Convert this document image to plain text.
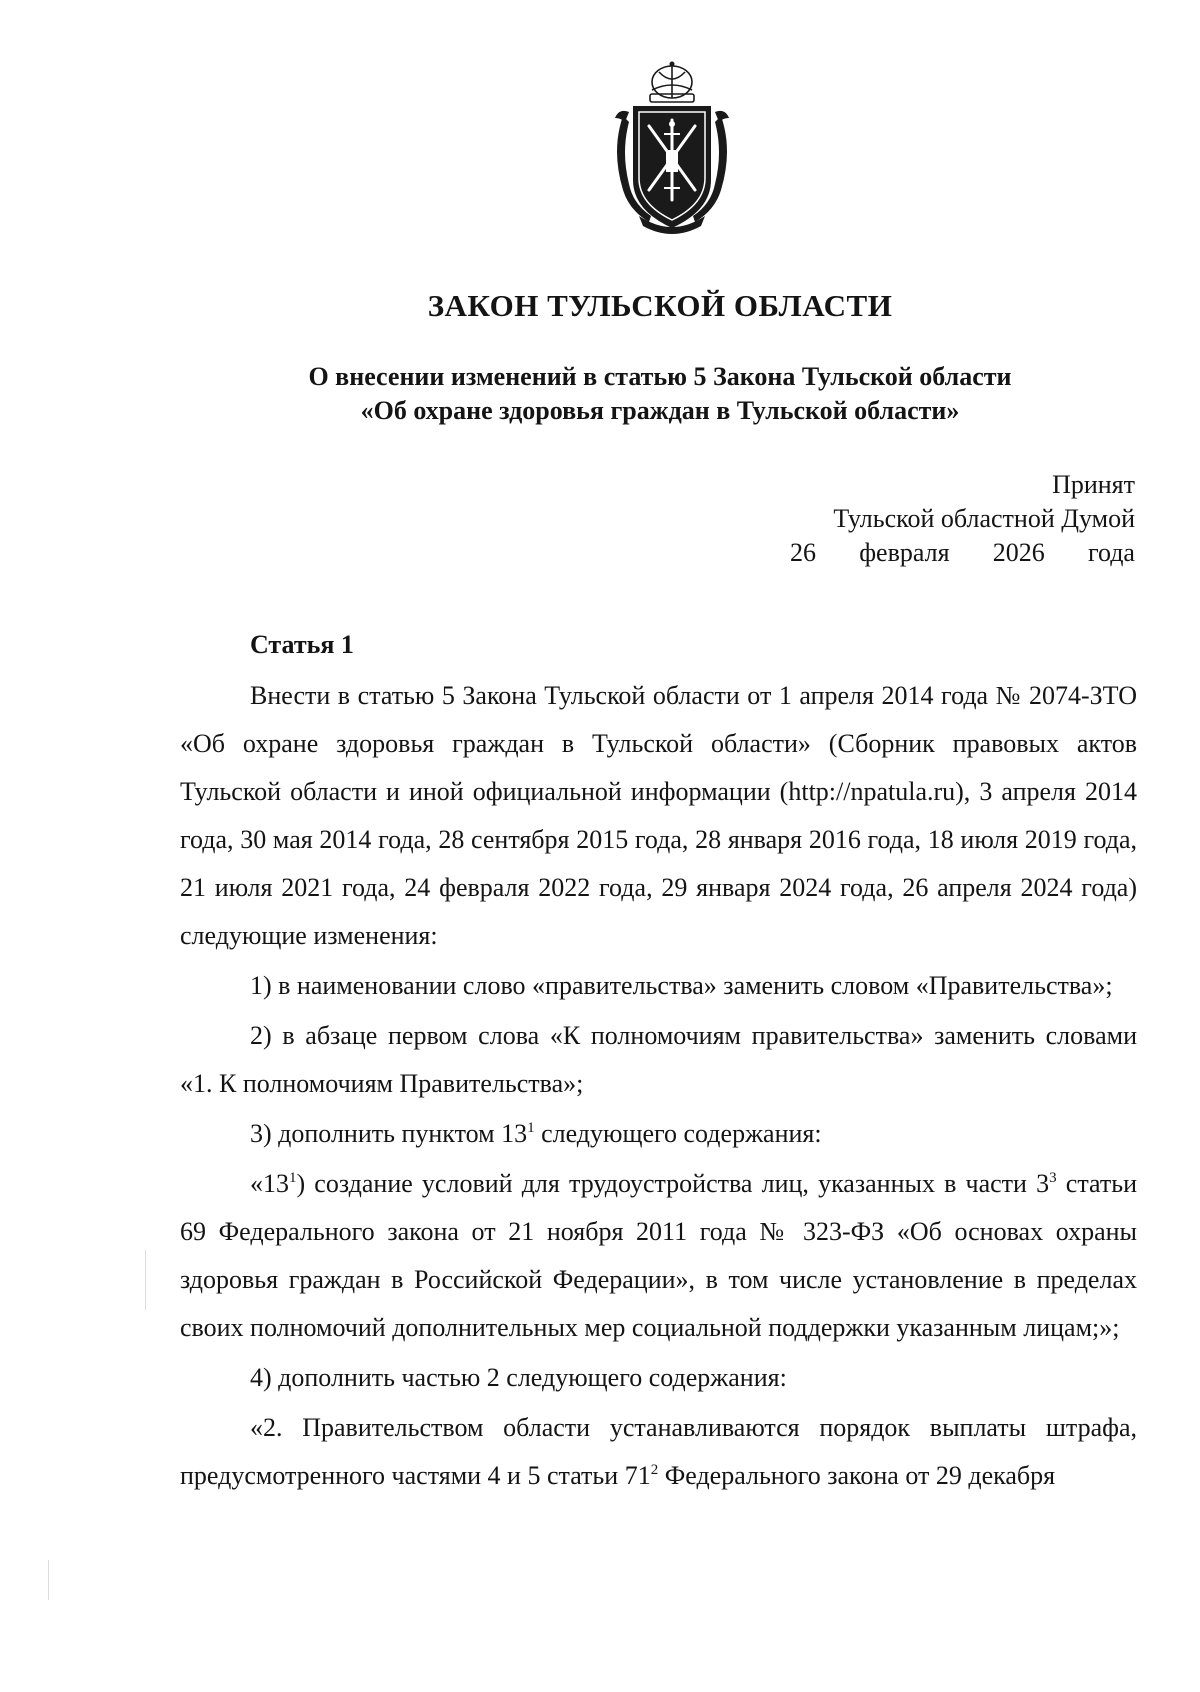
ЗАКОН ТУЛЬСКОЙ ОБЛАСТИ
О внесении изменений в статью 5 Закона Тульской области
«Об охране здоровья граждан в Тульской области»
Принят
Тульской областной Думой
26 февраля 2026 года
Статья 1

Внести в статью 5 Закона Тульской области от 1 апреля 2014 года № 2074-ЗТО «Об охране здоровья граждан в Тульской области» (Сборник правовых актов Тульской области и иной официальной информации (http://npatula.ru), 3 апреля 2014 года, 30 мая 2014 года, 28 сентября 2015 года, 28 января 2016 года, 18 июля 2019 года, 21 июля 2021 года, 24 февраля 2022 года, 29 января 2024 года, 26 апреля 2024 года) следующие изменения:

1) в наименовании слово «правительства» заменить словом «Правительства»;

2) в абзаце первом слова «К полномочиям правительства» заменить словами «1. К полномочиям Правительства»;

3) дополнить пунктом $13^1$ следующего содержания:

«$13^1$) создание условий для трудоустройства лиц, указанных в части $3^3$ статьи 69 Федерального закона от 21 ноября 2011 года № 323-ФЗ «Об основах охраны здоровья граждан в Российской Федерации», в том числе установление в пределах своих полномочий дополнительных мер социальной поддержки указанным лицам;»;

4) дополнить частью 2 следующего содержания:

«2. Правительством области устанавливаются порядок выплаты штрафа, предусмотренного частями 4 и 5 статьи $71^2$ Федерального закона от 29 декабря
